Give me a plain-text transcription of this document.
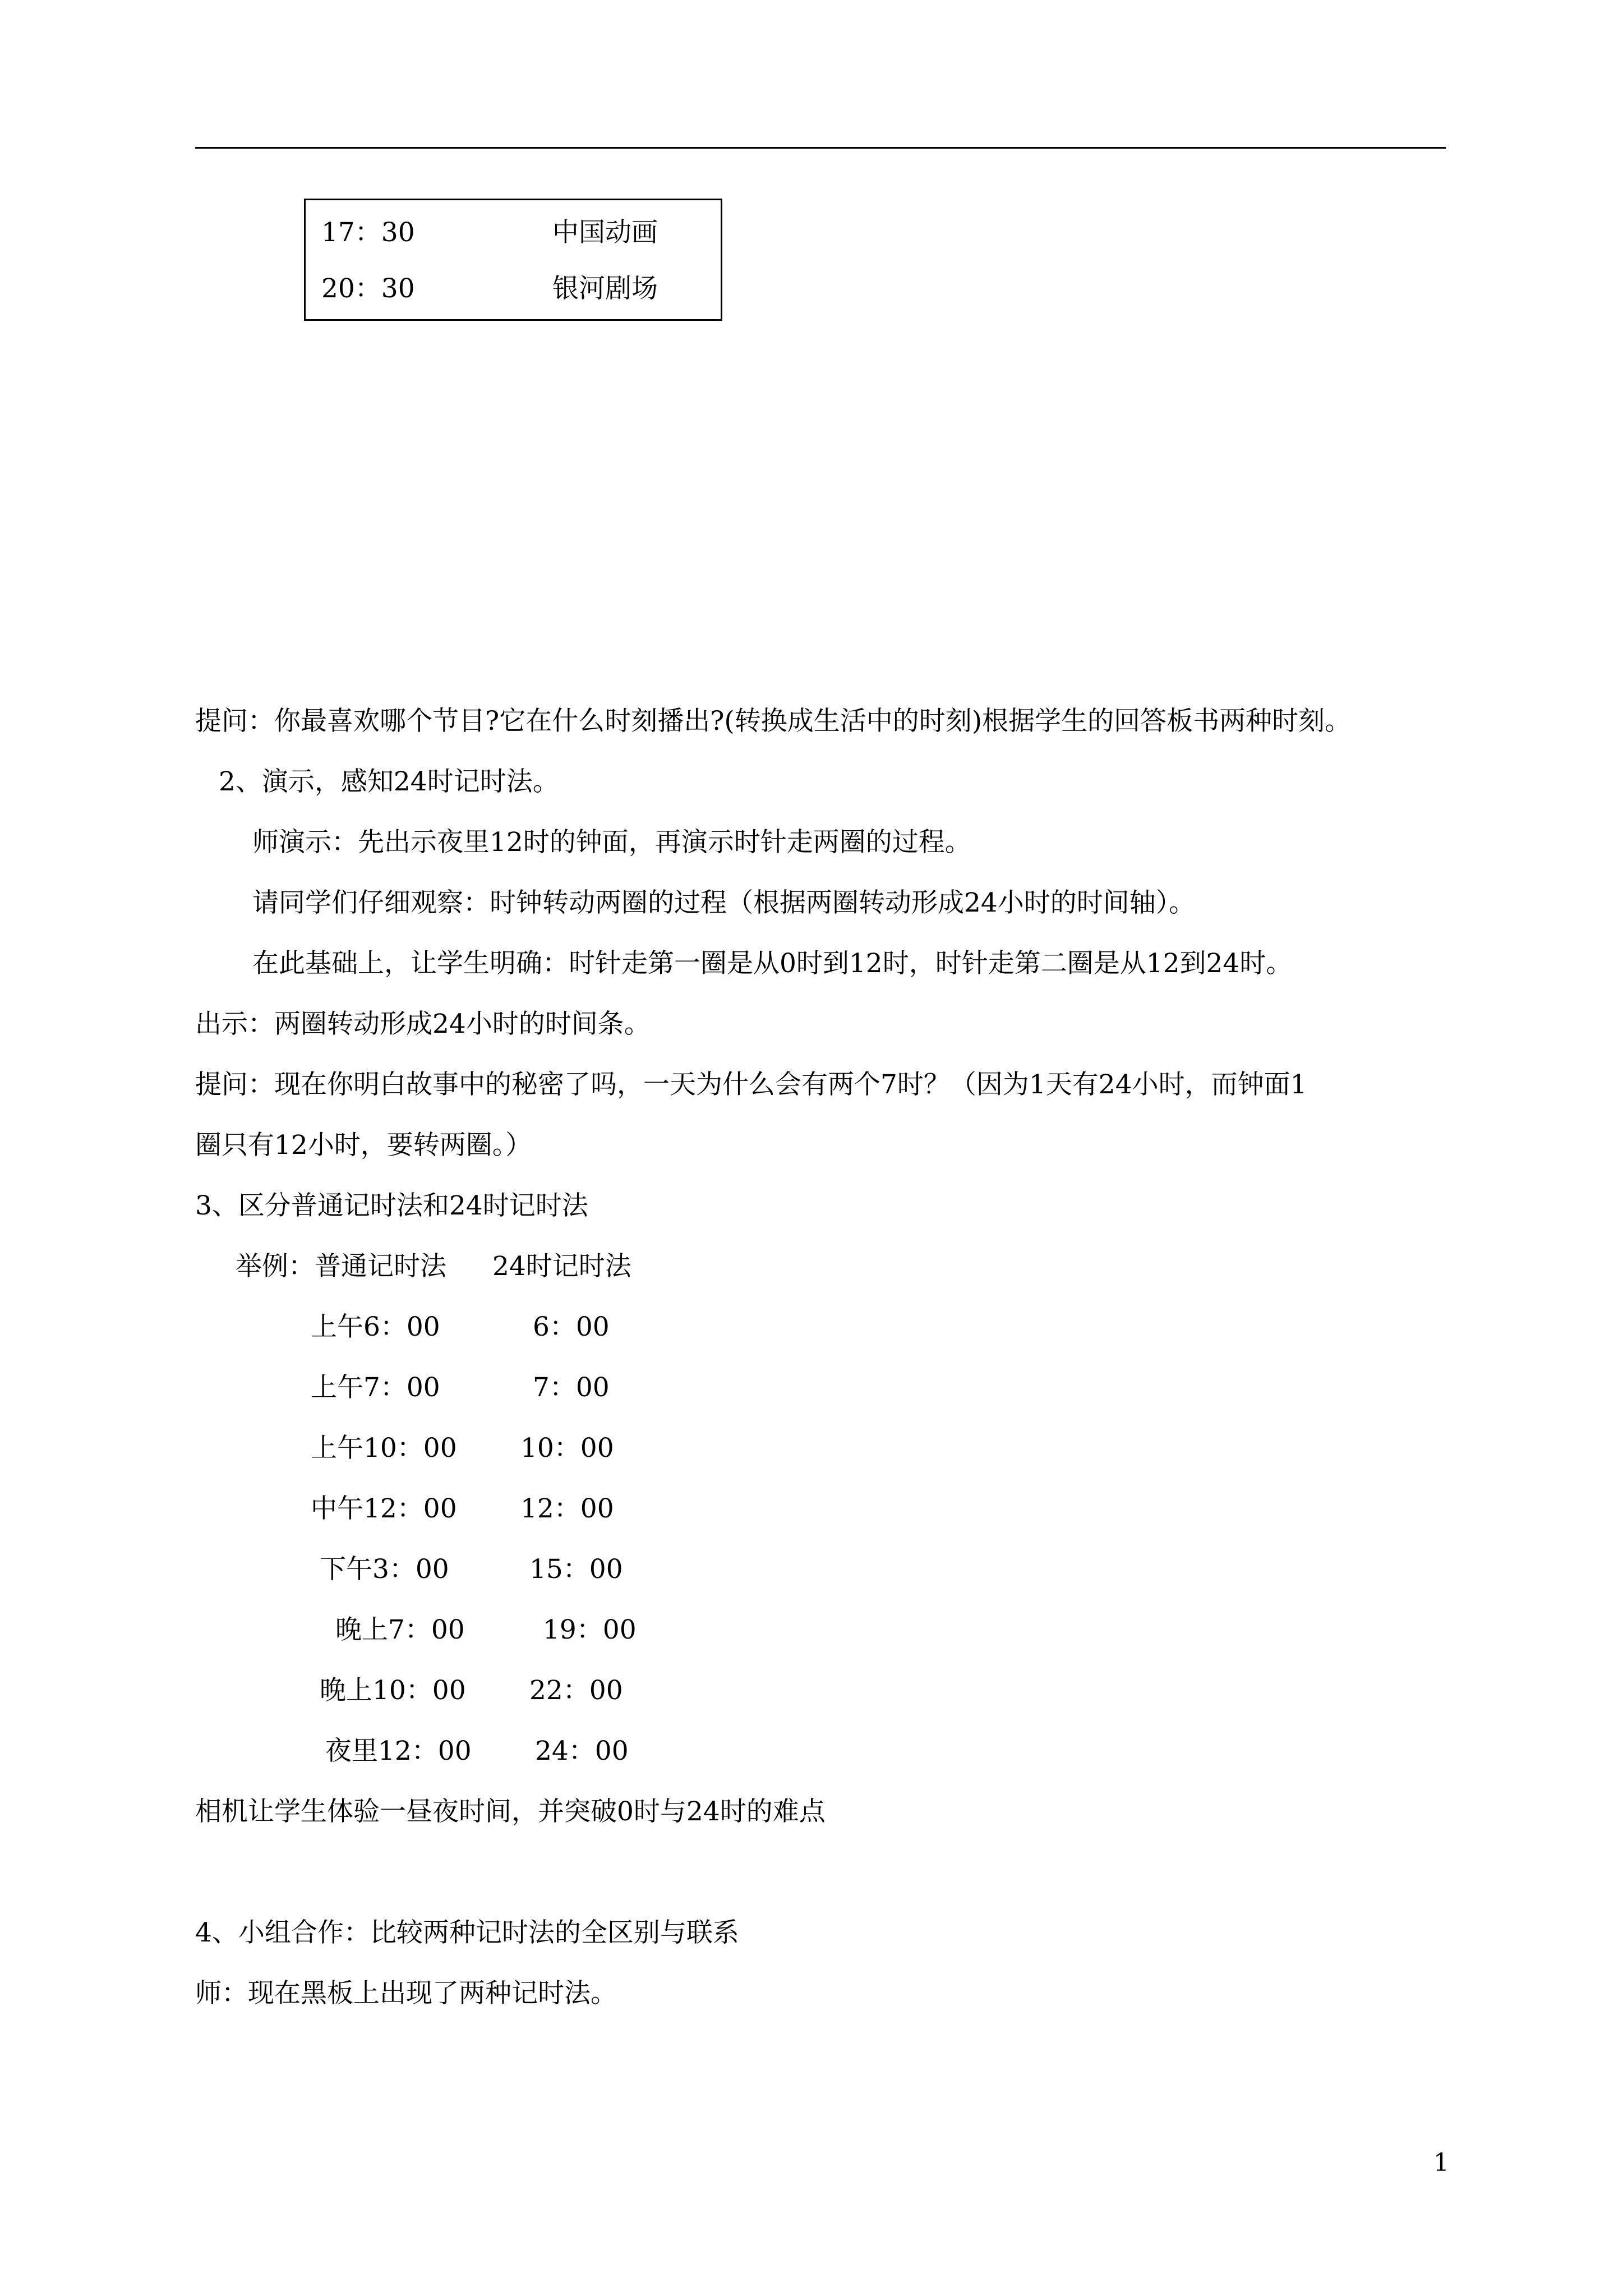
17：30	中国动画
20：30	银河剧场
提问：你最喜欢哪个节目?它在什么时刻播出?(转换成生活中的时刻)根据学生的回答板书两种时刻。
2、演示，感知24时记时法。
师演示：先出示夜里12时的钟面，再演示时针走两圈的过程。
请同学们仔细观察：时钟转动两圈的过程（根据两圈转动形成24小时的时间轴）。
在此基础上，让学生明确：时针走第一圈是从0时到12时，时针走第二圈是从12到24时。
出示：两圈转动形成24小时的时间条。
提问：现在你明白故事中的秘密了吗，一天为什么会有两个7时？（因为1天有24小时，而钟面1
圈只有12小时，要转两圈。）
3、区分普通记时法和24时记时法
举例：普通记时法 24时记时法
上午6：00	6：00
上午7：00	7：00
上午10：00 10：00
中午12：00 12：00
下午3：00	15：00
晚上7：00	19：00
晚上10：00 22：00
夜里12：00 24：00
相机让学生体验一昼夜时间，并突破0时与24时的难点
4、小组合作：比较两种记时法的全区别与联系
师：现在黑板上出现了两种记时法。
1
